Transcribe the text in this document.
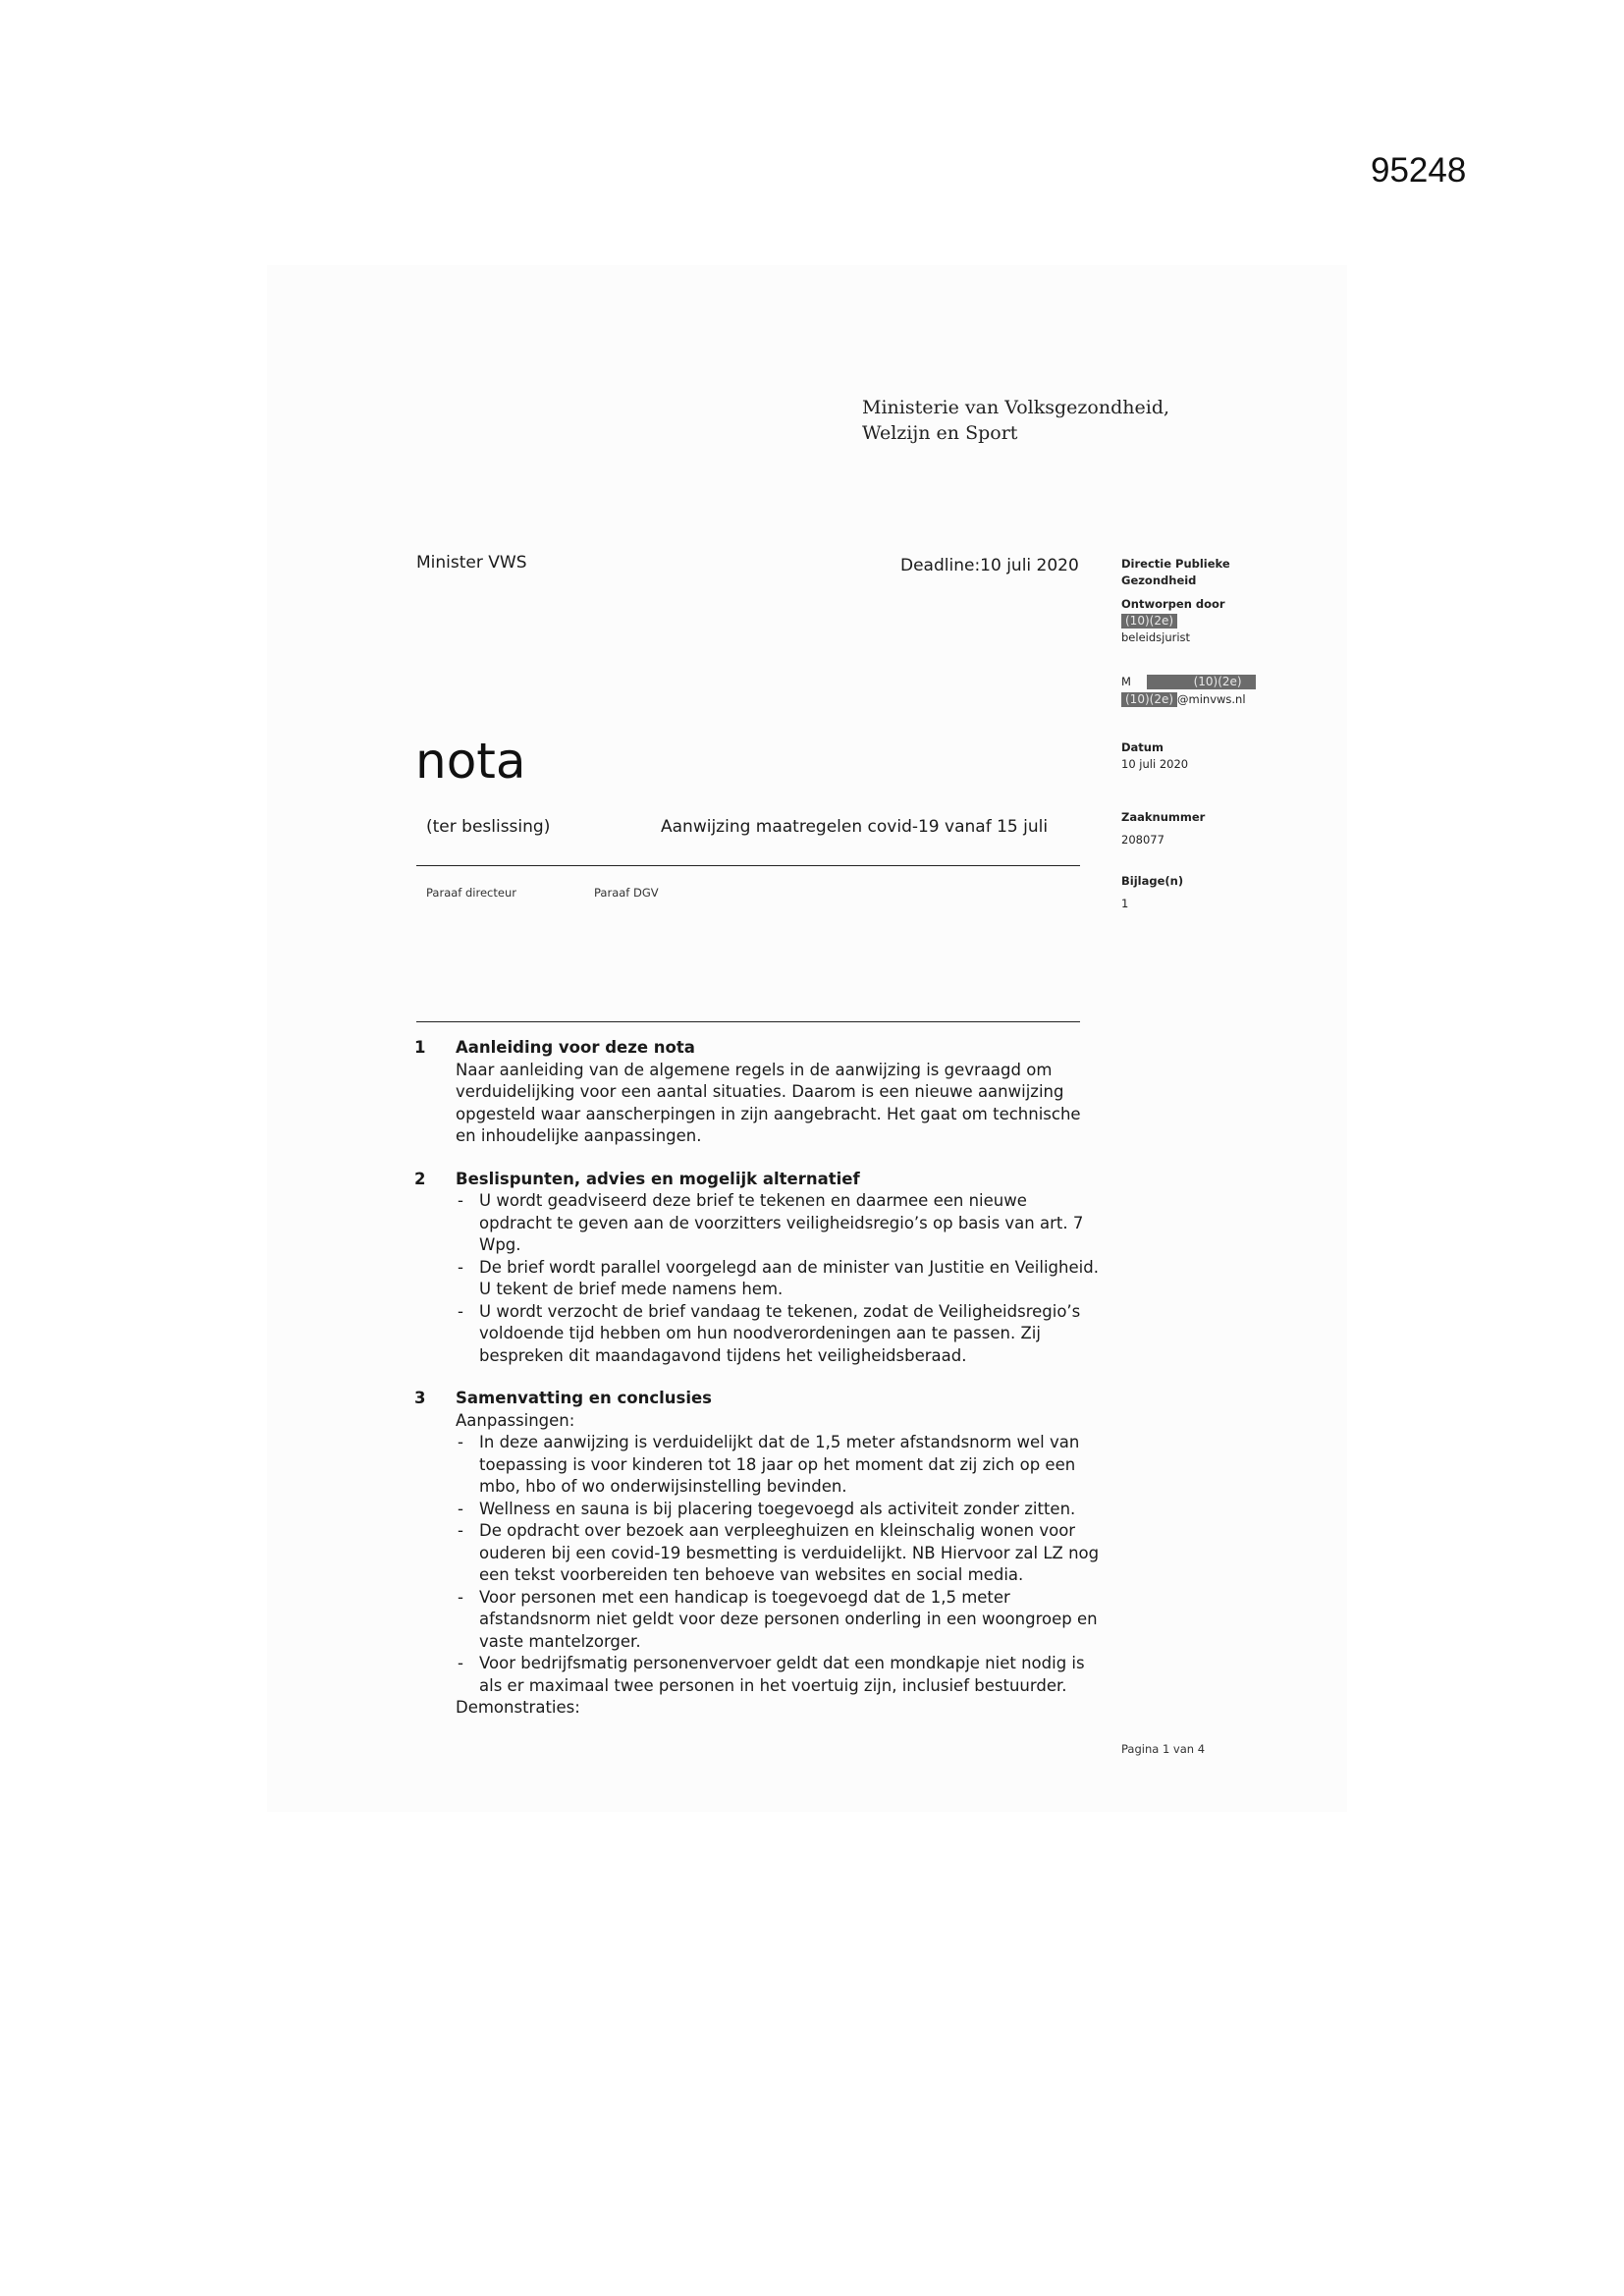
95248
Ministerie van Volksgezondheid,
Welzijn en Sport
Minister VWS	Deadline:10 juli 2020	Directie Publieke
Gezondheid
Ontworpen door
(10)(2e)
beleidsjurist
M	(10)(2e)
(10)(2e) @minvws.nl
Datum
10 juli 2020
Zaaknummer
208077
Bijlage(n)
1
nota
(ter beslissing)	Aanwijzing maatregelen covid-19 vanaf 15 juli
Paraaf directeur	Paraaf DGV
1 Aanleiding voor deze nota
Naar aanleiding van de algemene regels in de aanwijzing is gevraagd om verduidelijking voor een aantal situaties. Daarom is een nieuwe aanwijzing opgesteld waar aanscherpingen in zijn aangebracht. Het gaat om technische en inhoudelijke aanpassingen.
2 Beslispunten, advies en mogelijk alternatief
- U wordt geadviseerd deze brief te tekenen en daarmee een nieuwe opdracht te geven aan de voorzitters veiligheidsregio’s op basis van art. 7 Wpg.
- De brief wordt parallel voorgelegd aan de minister van Justitie en Veiligheid. U tekent de brief mede namens hem.
- U wordt verzocht de brief vandaag te tekenen, zodat de Veiligheidsregio’s voldoende tijd hebben om hun noodverordeningen aan te passen. Zij bespreken dit maandagavond tijdens het veiligheidsberaad.
3 Samenvatting en conclusies
Aanpassingen:
- In deze aanwijzing is verduidelijkt dat de 1,5 meter afstandsnorm wel van toepassing is voor kinderen tot 18 jaar op het moment dat zij zich op een mbo, hbo of wo onderwijsinstelling bevinden.
- Wellness en sauna is bij placering toegevoegd als activiteit zonder zitten.
- De opdracht over bezoek aan verpleeghuizen en kleinschalig wonen voor ouderen bij een covid-19 besmetting is verduidelijkt. NB Hiervoor zal LZ nog een tekst voorbereiden ten behoeve van websites en social media.
- Voor personen met een handicap is toegevoegd dat de 1,5 meter afstandsnorm niet geldt voor deze personen onderling in een woongroep en vaste mantelzorger.
- Voor bedrijfsmatig personenvervoer geldt dat een mondkapje niet nodig is als er maximaal twee personen in het voertuig zijn, inclusief bestuurder.
Demonstraties:
Pagina 1 van 4
